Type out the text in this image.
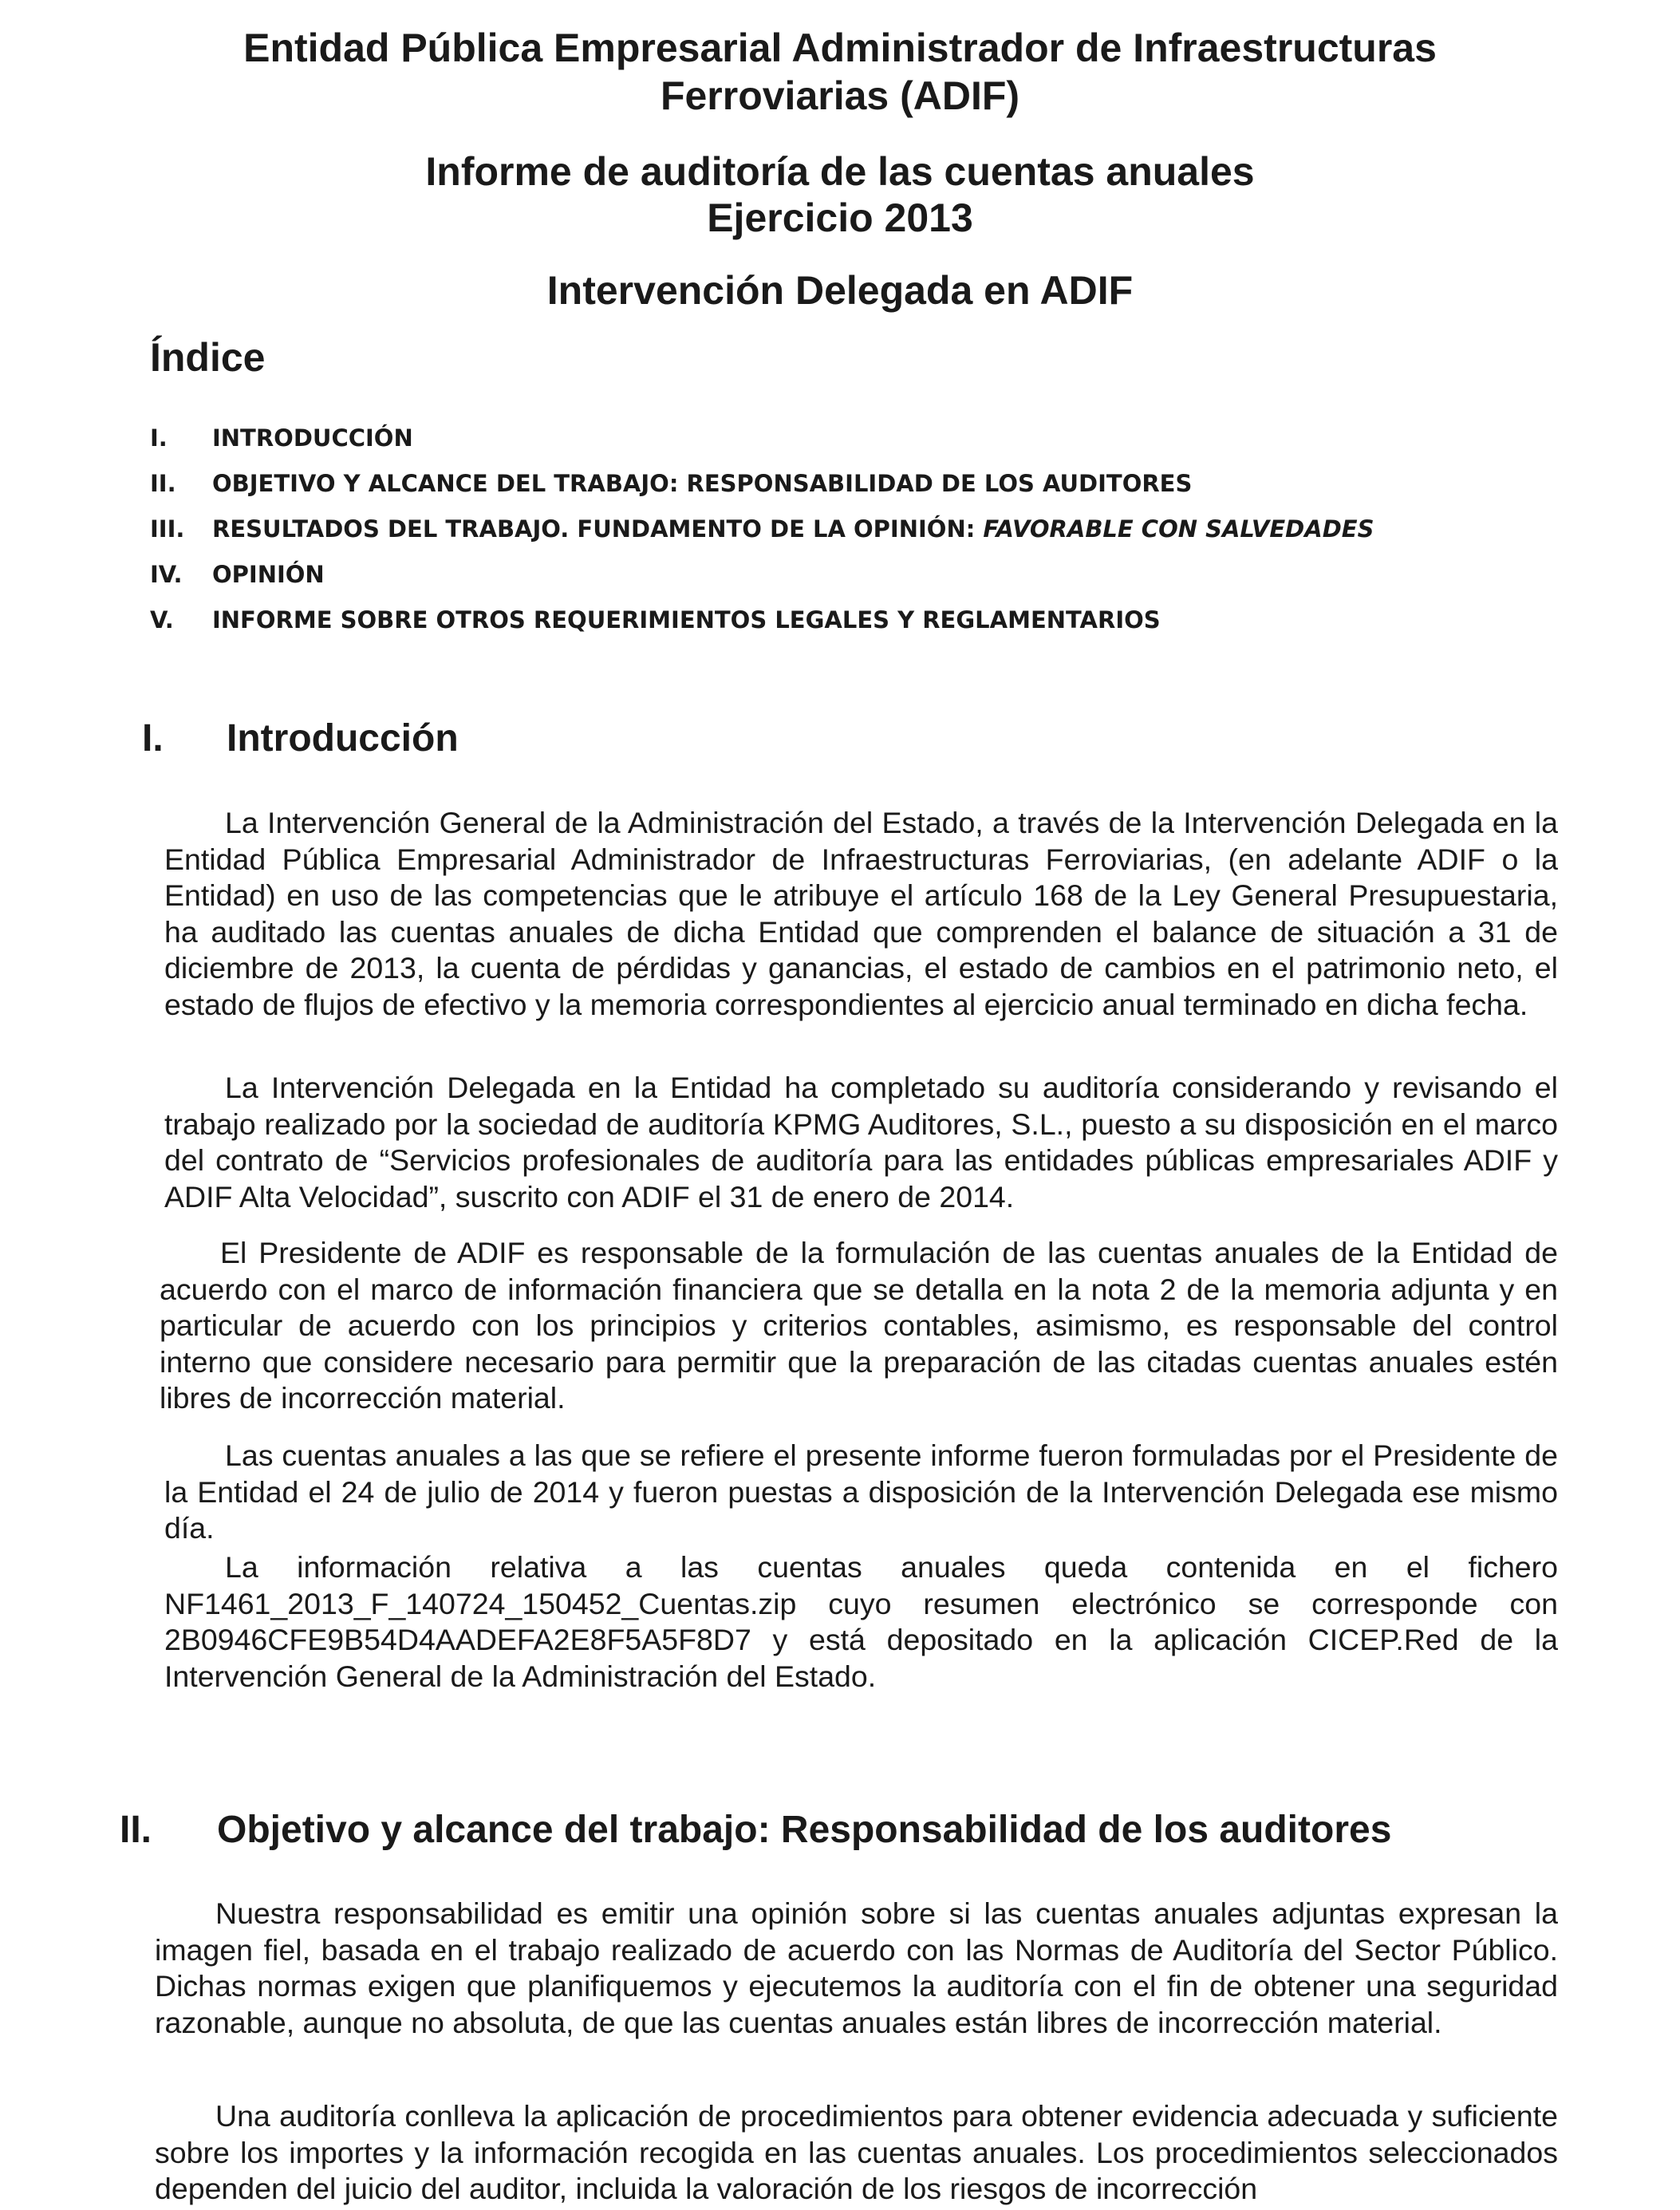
Entidad Pública Empresarial Administrador de Infraestructuras
Ferroviarias (ADIF)

Informe de auditoría de las cuentas anuales
Ejercicio 2013

Intervención Delegada en ADIF

Índice
I.	INTRODUCCIÓN
II.	OBJETIVO Y ALCANCE DEL TRABAJO: RESPONSABILIDAD DE LOS AUDITORES
III.	RESULTADOS DEL TRABAJO. FUNDAMENTO DE LA OPINIÓN: FAVORABLE CON SALVEDADES
IV.	OPINIÓN
V.	INFORME SOBRE OTROS REQUERIMIENTOS LEGALES Y REGLAMENTARIOS
I.	Introducción

La Intervención General de la Administración del Estado, a través de la Intervención Delegada en la Entidad Pública Empresarial Administrador de Infraestructuras Ferroviarias, (en adelante ADIF o la Entidad) en uso de las competencias que le atribuye el artículo 168 de la Ley General Presupuestaria, ha auditado las cuentas anuales de dicha Entidad que comprenden el balance de situación a 31 de diciembre de 2013, la cuenta de pérdidas y ganancias, el estado de cambios en el patrimonio neto, el estado de flujos de efectivo y la memoria correspondientes al ejercicio anual terminado en dicha fecha.

La Intervención Delegada en la Entidad ha completado su auditoría considerando y revisando el trabajo realizado por la sociedad de auditoría KPMG Auditores, S.L., puesto a su disposición en el marco del contrato de “Servicios profesionales de auditoría para las entidades públicas empresariales ADIF y ADIF Alta Velocidad”, suscrito con ADIF el 31 de enero de 2014.

El Presidente de ADIF es responsable de la formulación de las cuentas anuales de la Entidad de acuerdo con el marco de información financiera que se detalla en la nota 2 de la memoria adjunta y en particular de acuerdo con los principios y criterios contables, asimismo, es responsable del control interno que considere necesario para permitir que la preparación de las citadas cuentas anuales estén libres de incorrección material.

Las cuentas anuales a las que se refiere el presente informe fueron formuladas por el Presidente de la Entidad el 24 de julio de 2014 y fueron puestas a disposición de la Intervención Delegada ese mismo día.

La información relativa a las cuentas anuales queda contenida en el fichero NF1461_2013_F_140724_150452_Cuentas.zip cuyo resumen electrónico se corresponde con 2B0946CFE9B54D4AADEFA2E8F5A5F8D7 y está depositado en la aplicación CICEP.Red de la Intervención General de la Administración del Estado.

II.	Objetivo y alcance del trabajo: Responsabilidad de los auditores

Nuestra responsabilidad es emitir una opinión sobre si las cuentas anuales adjuntas expresan la imagen fiel, basada en el trabajo realizado de acuerdo con las Normas de Auditoría del Sector Público. Dichas normas exigen que planifiquemos y ejecutemos la auditoría con el fin de obtener una seguridad razonable, aunque no absoluta, de que las cuentas anuales están libres de incorrección material.

Una auditoría conlleva la aplicación de procedimientos para obtener evidencia adecuada y suficiente sobre los importes y la información recogida en las cuentas anuales. Los procedimientos seleccionados dependen del juicio del auditor, incluida la valoración de los riesgos de incorrección
